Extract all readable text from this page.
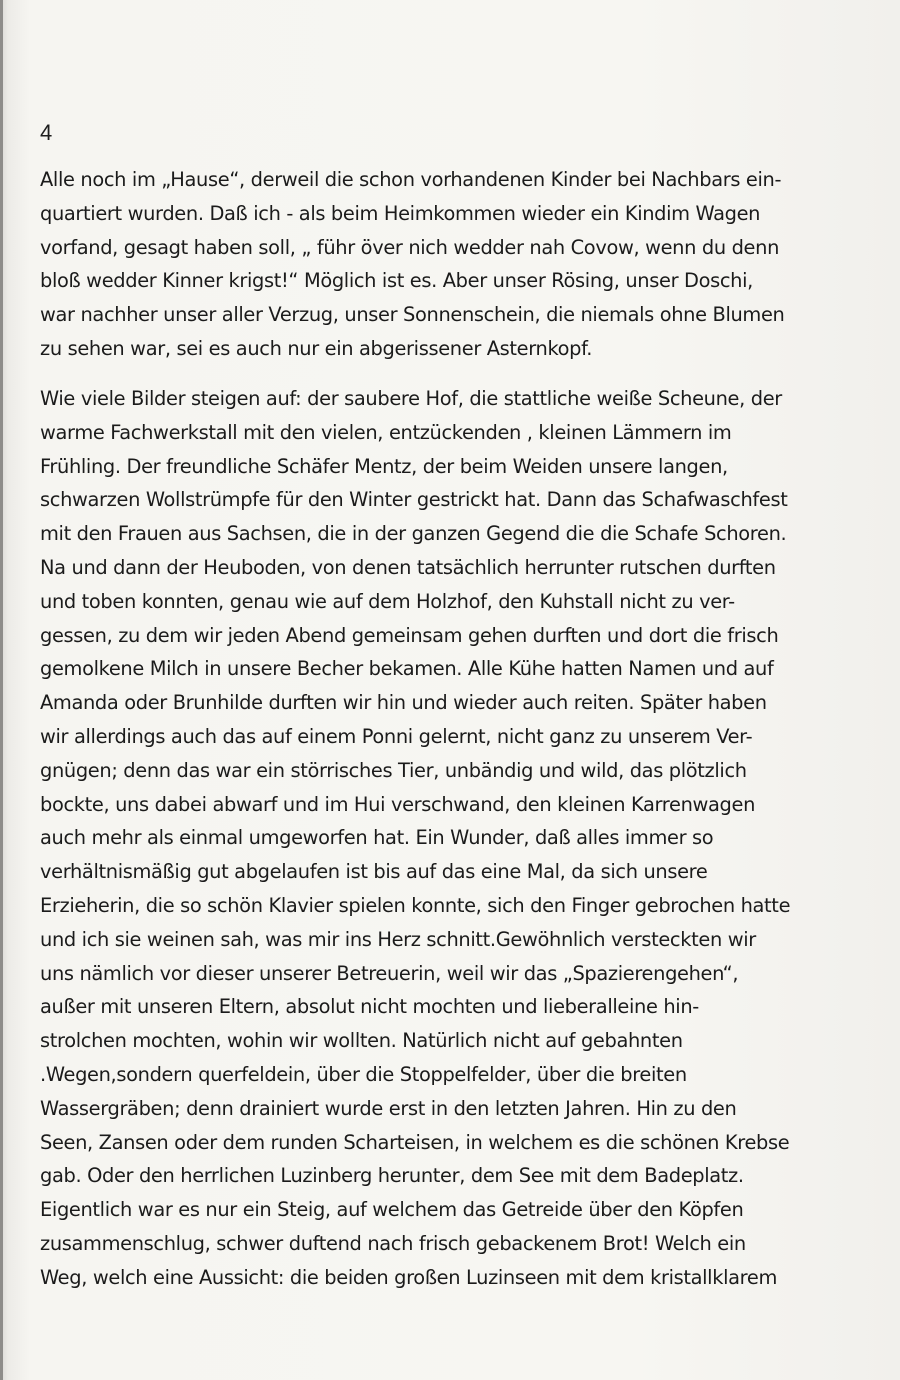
4
Alle noch im „Hause“, derweil die schon vorhandenen Kinder bei Nachbars ein-
quartiert wurden. Daß ich - als beim Heimkommen wieder ein Kindim Wagen
vorfand, gesagt haben soll, „ führ över nich wedder nah Covow, wenn du denn
bloß wedder Kinner krigst!“ Möglich ist es. Aber unser Rösing, unser Doschi,
war nachher unser aller Verzug, unser Sonnenschein, die niemals ohne Blumen
zu sehen war, sei es auch nur ein abgerissener Asternkopf.
Wie viele Bilder steigen auf: der saubere Hof, die stattliche weiße Scheune, der
warme Fachwerkstall mit den vielen, entzückenden , kleinen Lämmern im
Frühling. Der freundliche Schäfer Mentz, der beim Weiden unsere langen,
schwarzen Wollstrümpfe für den Winter gestrickt hat. Dann das Schafwaschfest
mit den Frauen aus Sachsen, die in der ganzen Gegend die die Schafe Schoren.
Na und dann der Heuboden, von denen tatsächlich herrunter rutschen durften
und toben konnten, genau wie auf dem Holzhof, den Kuhstall nicht zu ver-
gessen, zu dem wir jeden Abend gemeinsam gehen durften und dort die frisch
gemolkene Milch in unsere Becher bekamen. Alle Kühe hatten Namen und auf
Amanda oder Brunhilde durften wir hin und wieder auch reiten. Später haben
wir allerdings auch das auf einem Ponni gelernt, nicht ganz zu unserem Ver-
gnügen; denn das war ein störrisches Tier, unbändig und wild, das plötzlich
bockte, uns dabei abwarf und im Hui verschwand, den kleinen Karrenwagen
auch mehr als einmal umgeworfen hat. Ein Wunder, daß alles immer so
verhältnismäßig gut abgelaufen ist bis auf das eine Mal, da sich unsere
Erzieherin, die so schön Klavier spielen konnte, sich den Finger gebrochen hatte
und ich sie weinen sah, was mir ins Herz schnitt.Gewöhnlich versteckten wir
uns nämlich vor dieser unserer Betreuerin, weil wir das „Spazierengehen“,
außer mit unseren Eltern, absolut nicht mochten und lieberalleine hin-
strolchen mochten, wohin wir wollten. Natürlich nicht auf gebahnten
.Wegen,sondern querfeldein, über die Stoppelfelder, über die breiten
Wassergräben; denn drainiert wurde erst in den letzten Jahren. Hin zu den
Seen, Zansen oder dem runden Scharteisen, in welchem es die schönen Krebse
gab. Oder den herrlichen Luzinberg herunter, dem See mit dem Badeplatz.
Eigentlich war es nur ein Steig, auf welchem das Getreide über den Köpfen
zusammenschlug, schwer duftend nach frisch gebackenem Brot! Welch ein
Weg, welch eine Aussicht: die beiden großen Luzinseen mit dem kristallklarem
